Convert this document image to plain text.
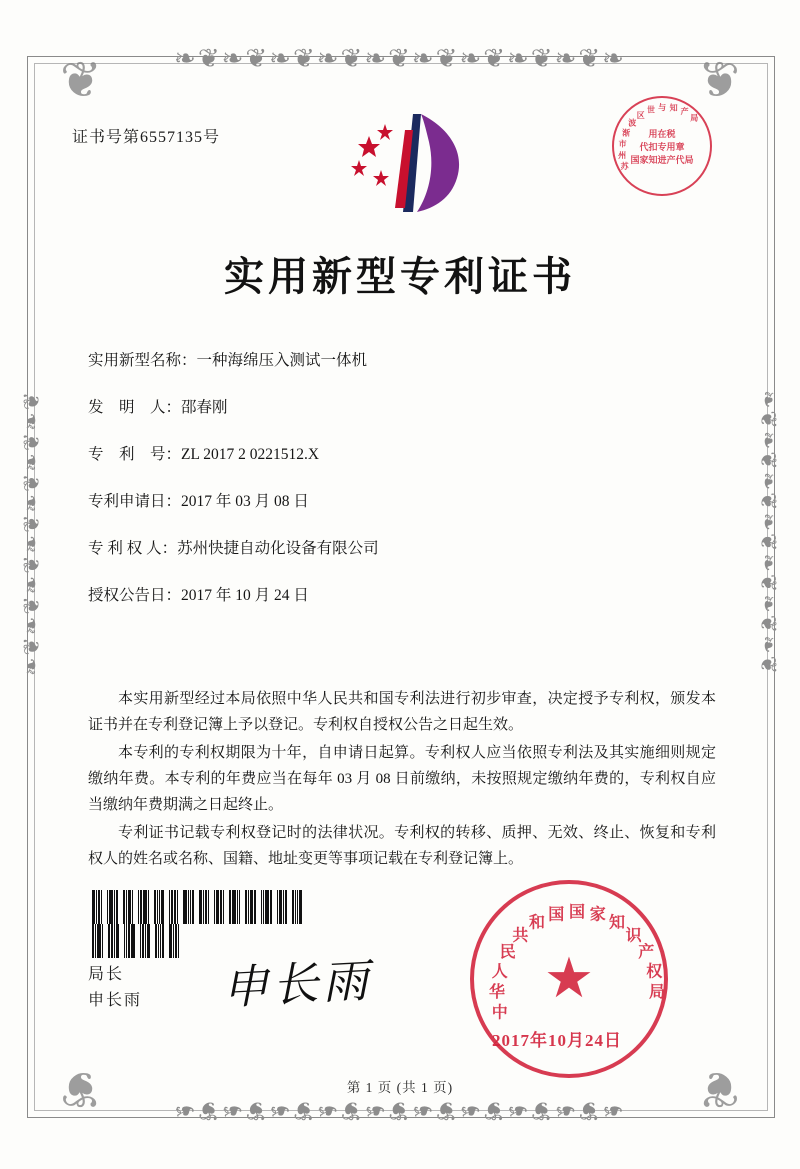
❧❦❧❦❧❦❧❦❧❦❧❦❧❦❧❦❧❦❧
❧❦❧❦❧❦❧❦❧❦❧❦❧❦❧❦❧❦❧
❧❦❧❦❧❦❧❦❧❦❧❦❧❦	❧❦❧❦❧❦❧❦❧❦❧❦❧❦
❦	❦
❦	❦
证书号第6557135号
苏
州
市
渐
波
区
世 与 知 产
局
用在税
代扣专用章
国家知进产代局
实用新型专利证书
实用新型名称：一种海绵压入测试一体机
发　明　人：邵春刚
专　利　号：ZL 2017 2 0221512.X
专利申请日：2017 年 03 月 08 日
专 利 权 人：苏州快捷自动化设备有限公司
授权公告日：2017 年 10 月 24 日

本实用新型经过本局依照中华人民共和国专利法进行初步审查，决定授予专利权，颁发本证书并在专利登记簿上予以登记。专利权自授权公告之日起生效。

本专利的专利权期限为十年，自申请日起算。专利权人应当依照专利法及其实施细则规定缴纳年费。本专利的年费应当在每年 03 月 08 日前缴纳，未按照规定缴纳年费的，专利权自应当缴纳年费期满之日起终止。

专利证书记载专利权登记时的法律状况。专利权的转移、质押、无效、终止、恢复和专利权人的姓名或名称、国籍、地址变更等事项记载在专利登记簿上。

局长
申长雨 申长雨	★
中
华
人
民
共
和 国 国 家 知
识
产
权
局
2017年10月24日
第 1 页 (共 1 页)
